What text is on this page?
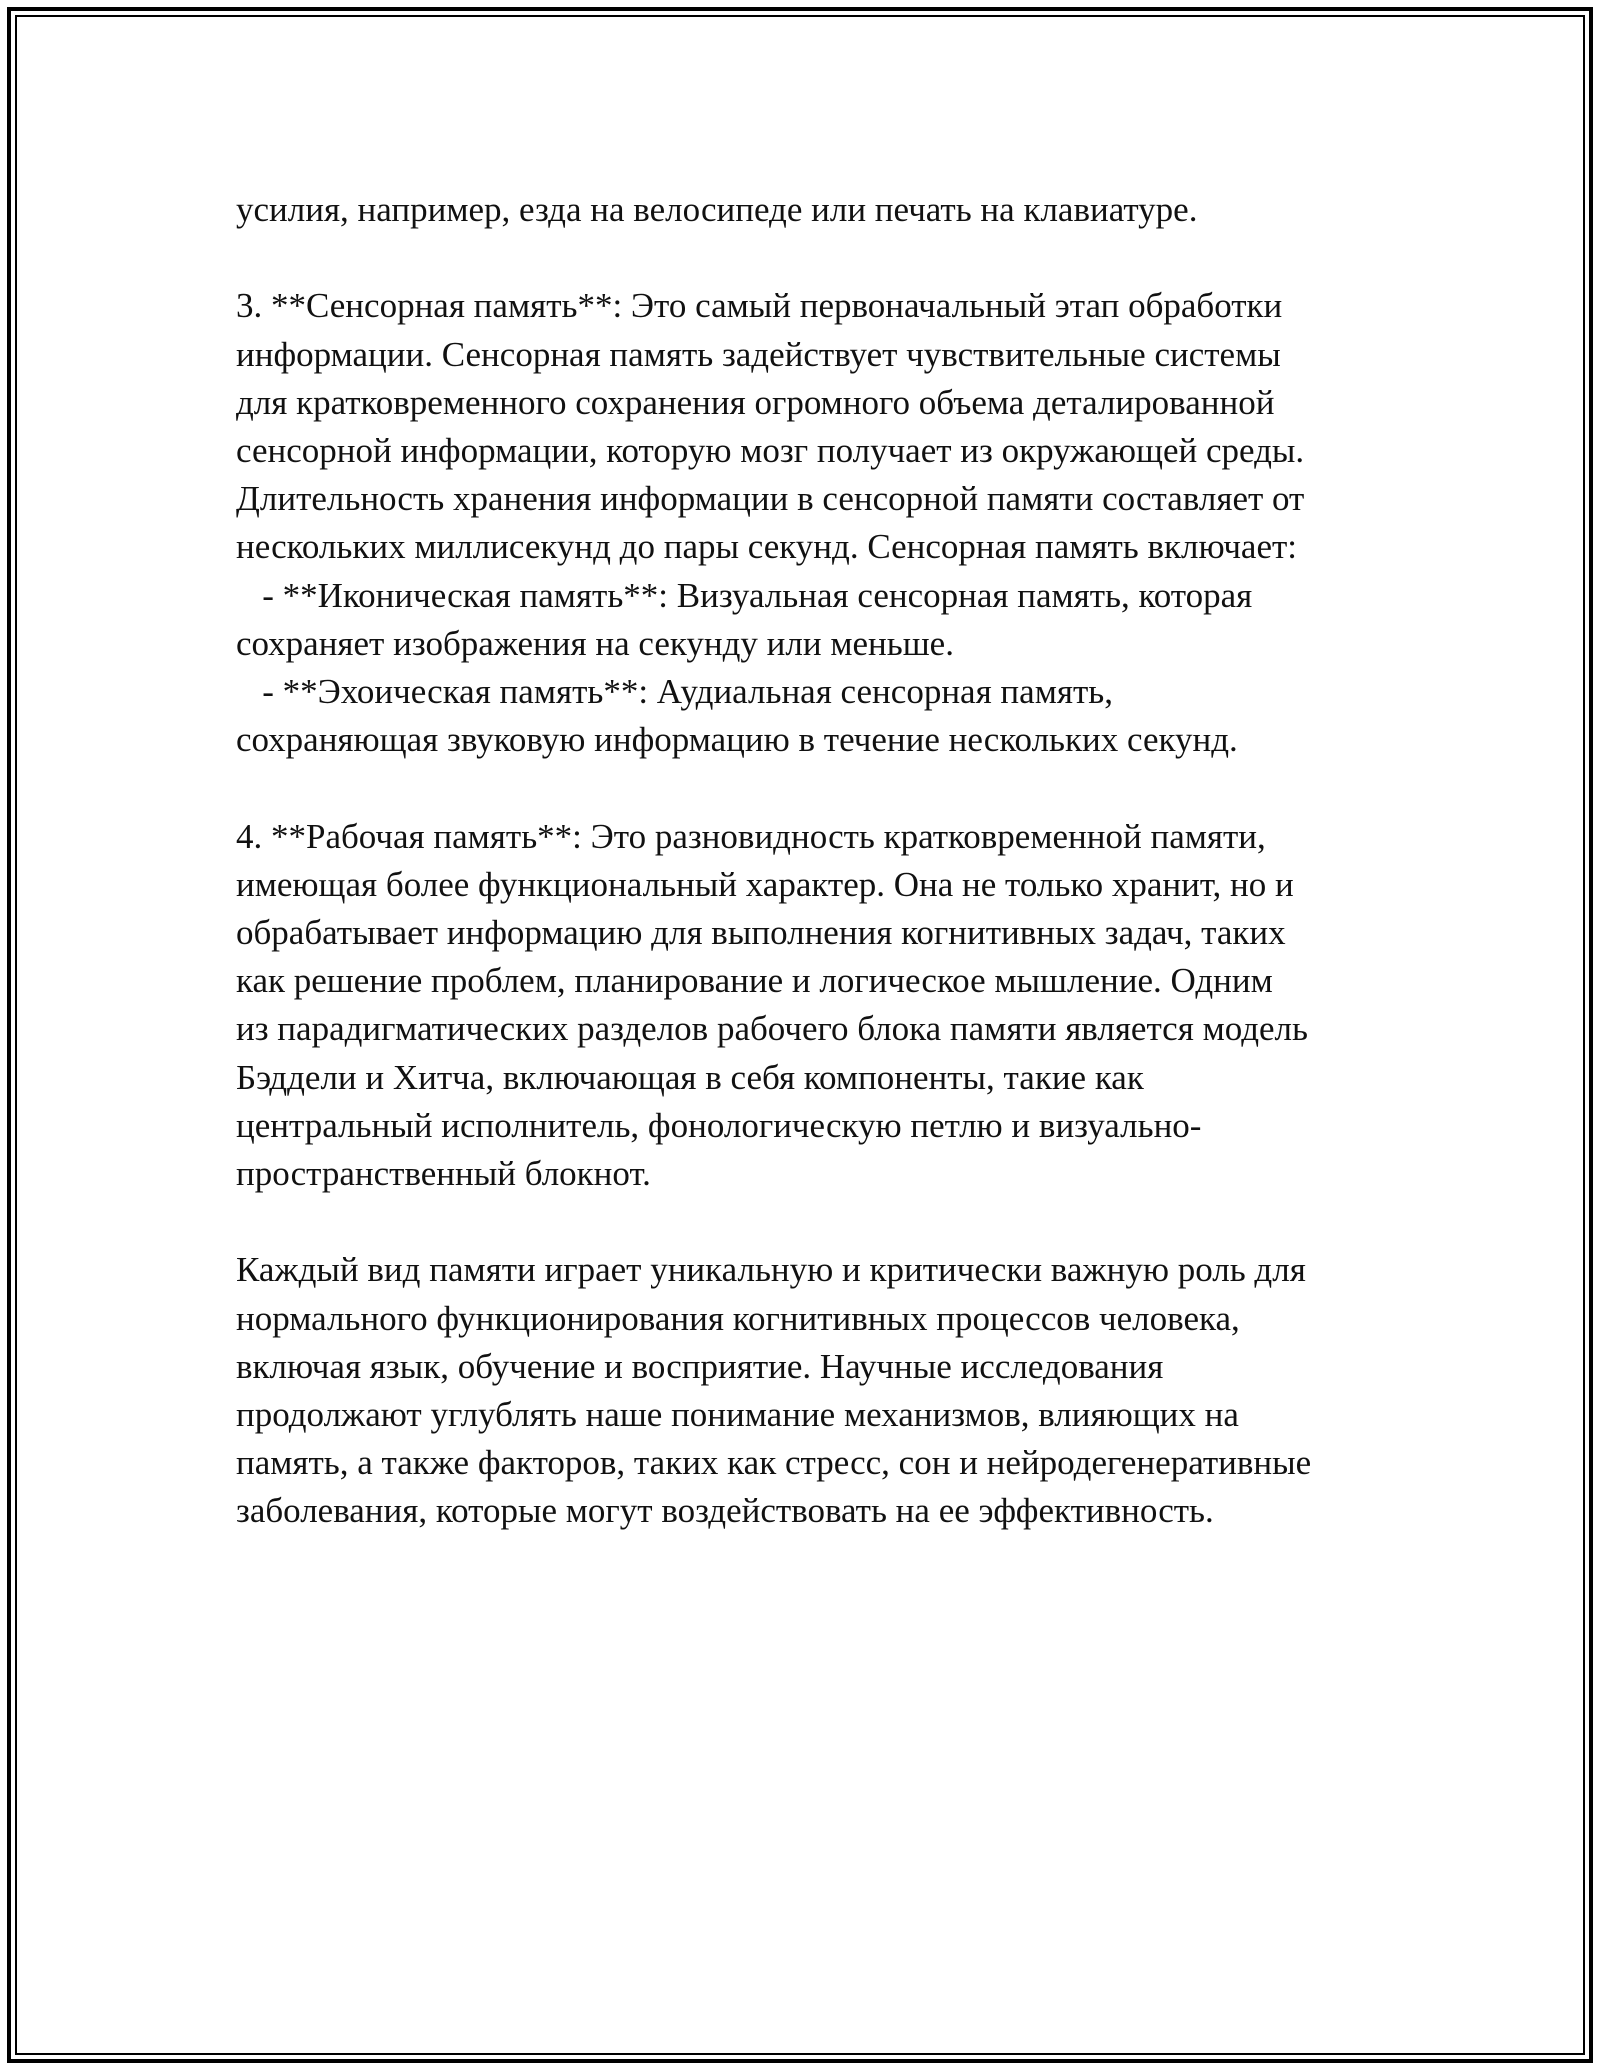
усилия, например, езда на велосипеде или печать на клавиатуре.
3. **Сенсорная память**: Это самый первоначальный этап обработки
информации. Сенсорная память задействует чувствительные системы
для кратковременного сохранения огромного объема деталированной
сенсорной информации, которую мозг получает из окружающей среды.
Длительность хранения информации в сенсорной памяти составляет от
нескольких миллисекунд до пары секунд. Сенсорная память включает:
- **Иконическая память**: Визуальная сенсорная память, которая
сохраняет изображения на секунду или меньше.
- **Эхоическая память**: Аудиальная сенсорная память,
сохраняющая звуковую информацию в течение нескольких секунд.
4. **Рабочая память**: Это разновидность кратковременной памяти,
имеющая более функциональный характер. Она не только хранит, но и
обрабатывает информацию для выполнения когнитивных задач, таких
как решение проблем, планирование и логическое мышление. Одним
из парадигматических разделов рабочего блока памяти является модель
Бэддели и Хитча, включающая в себя компоненты, такие как
центральный исполнитель, фонологическую петлю и визуально-
пространственный блокнот.
Каждый вид памяти играет уникальную и критически важную роль для
нормального функционирования когнитивных процессов человека,
включая язык, обучение и восприятие. Научные исследования
продолжают углублять наше понимание механизмов, влияющих на
память, а также факторов, таких как стресс, сон и нейродегенеративные
заболевания, которые могут воздействовать на ее эффективность.
